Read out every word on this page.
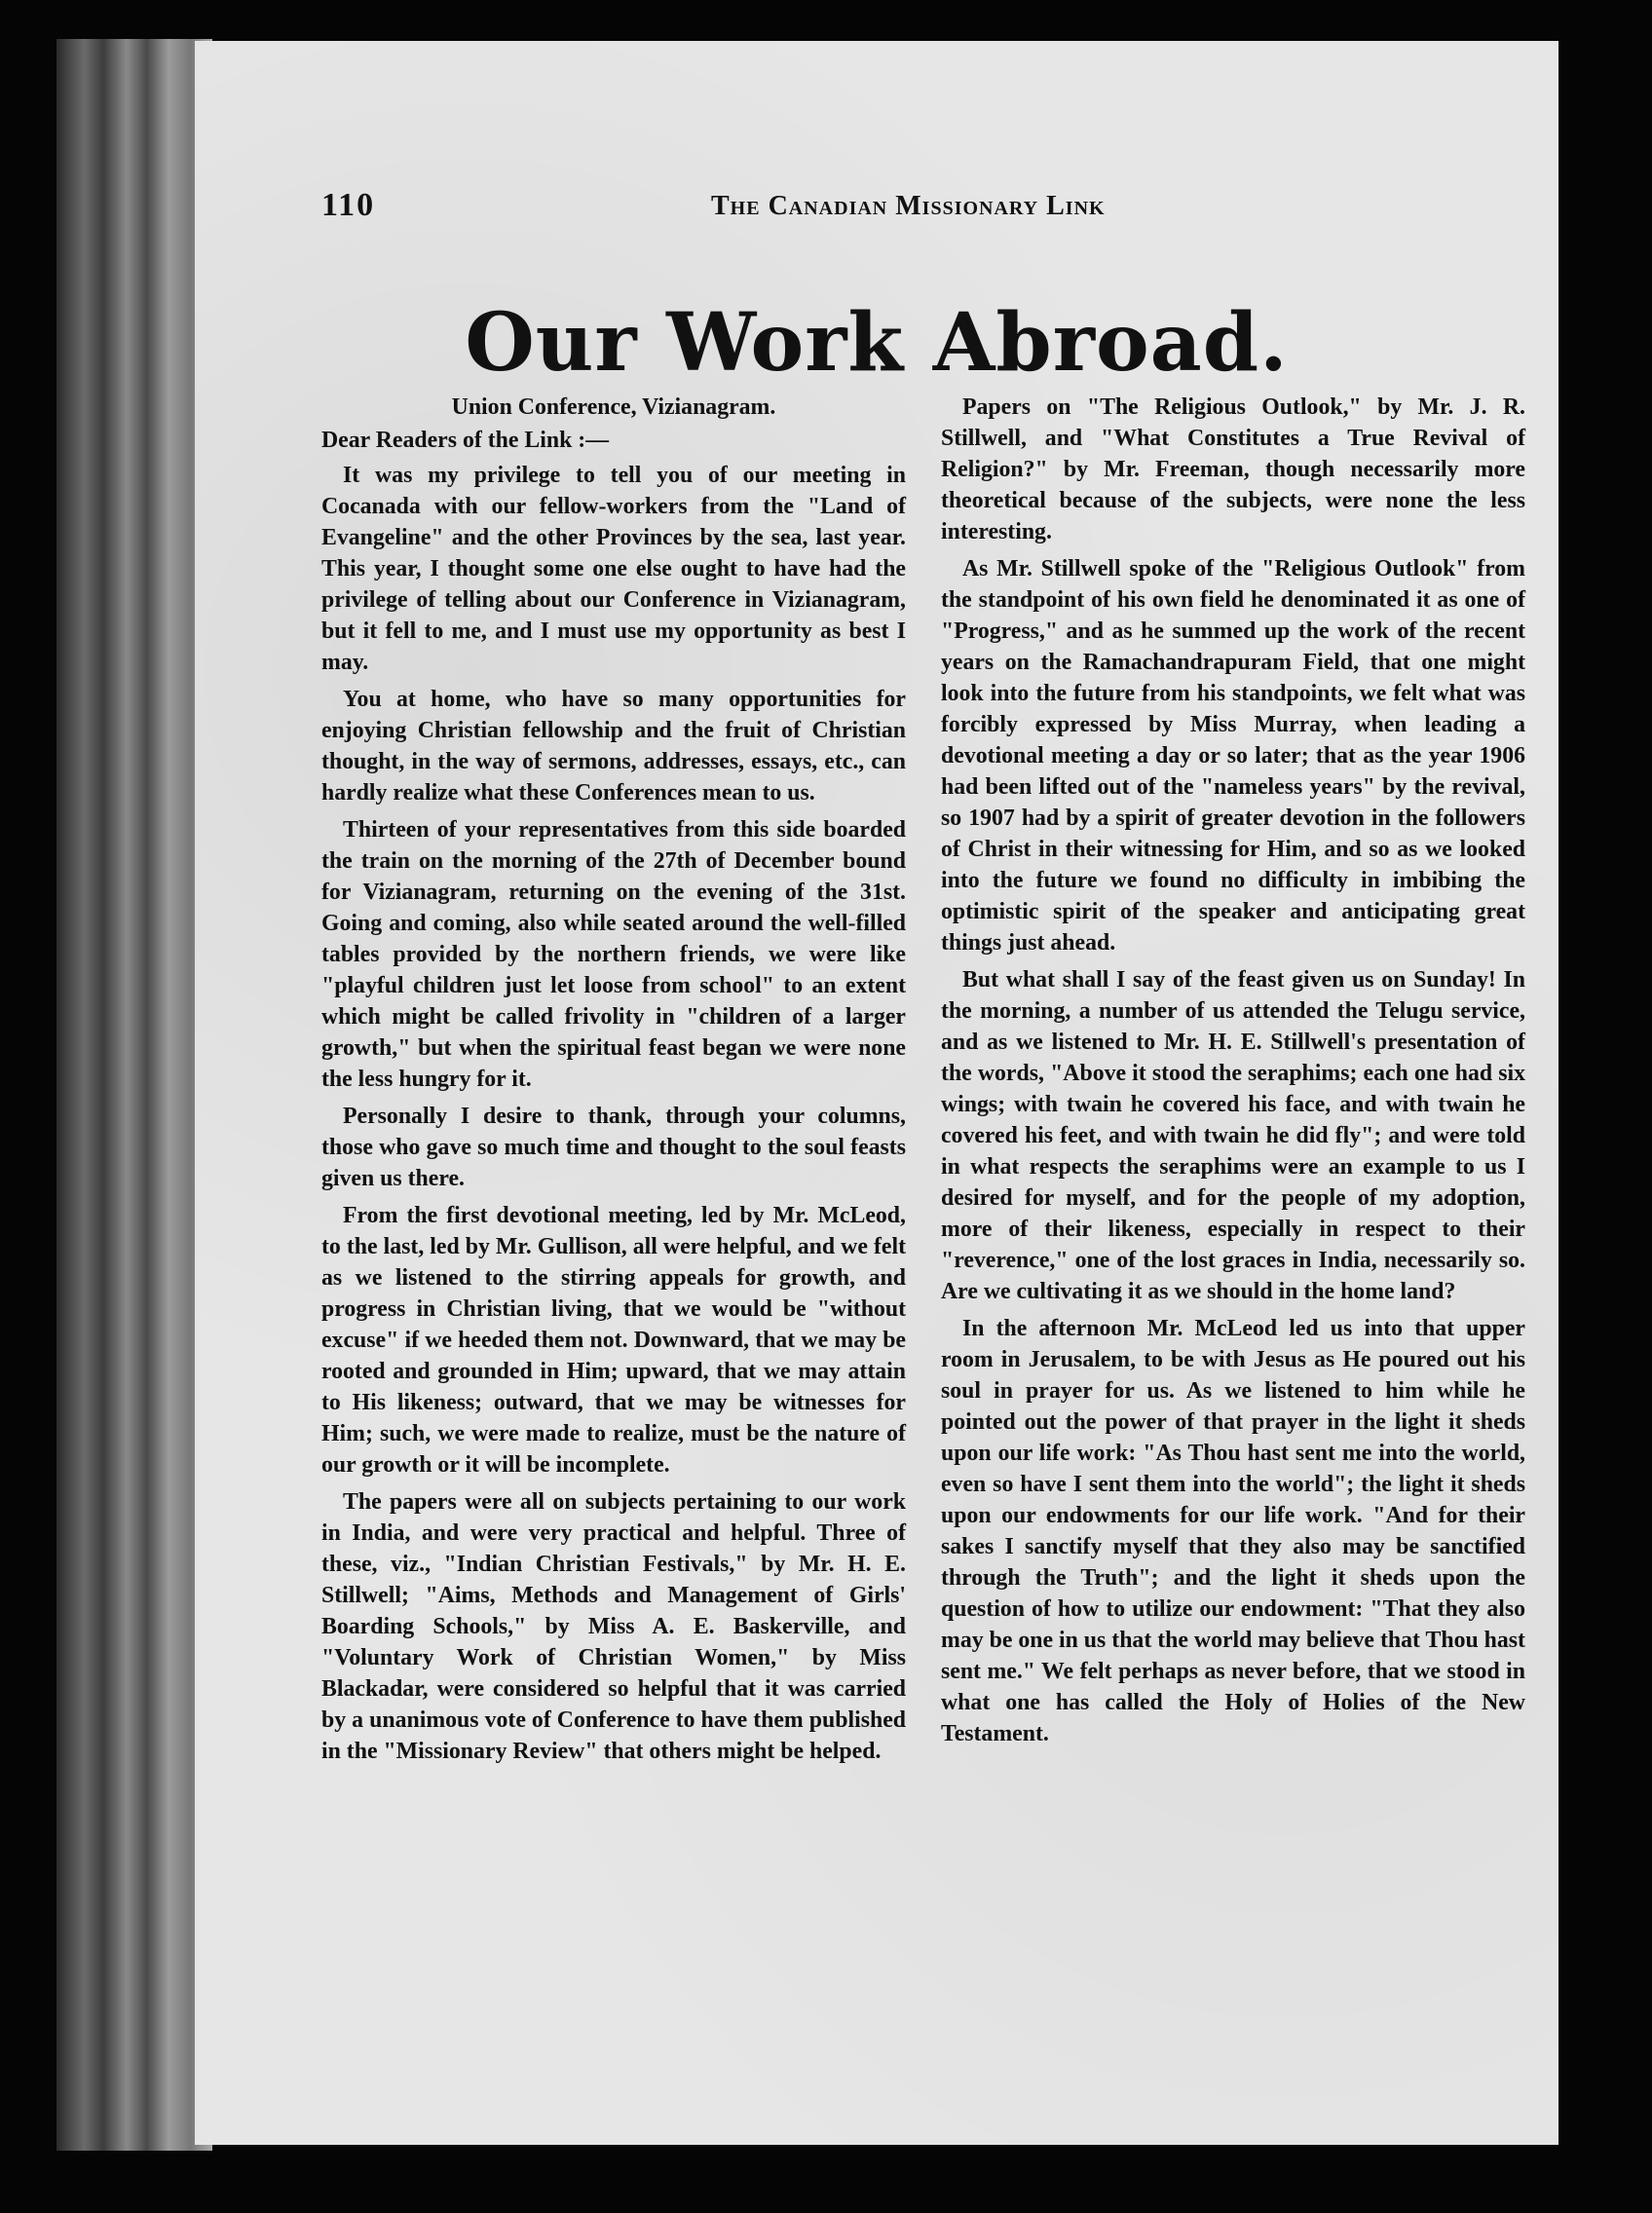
110	The Canadian Missionary Link
Our Work Abroad.

Union Conference, Vizianagram.

Dear Readers of the Link :—

It was my privilege to tell you of our meeting in Cocanada with our fellow-workers from the "Land of Evangeline" and the other Provinces by the sea, last year. This year, I thought some one else ought to have had the privilege of telling about our Conference in Vizianagram, but it fell to me, and I must use my opportunity as best I may.

You at home, who have so many opportunities for enjoying Christian fellowship and the fruit of Christian thought, in the way of sermons, addresses, essays, etc., can hardly realize what these Conferences mean to us.

Thirteen of your representatives from this side boarded the train on the morning of the 27th of December bound for Vizianagram, returning on the evening of the 31st. Going and coming, also while seated around the well-filled tables provided by the northern friends, we were like "playful children just let loose from school" to an extent which might be called frivolity in "children of a larger growth," but when the spiritual feast began we were none the less hungry for it.

Personally I desire to thank, through your columns, those who gave so much time and thought to the soul feasts given us there.

From the first devotional meeting, led by Mr. McLeod, to the last, led by Mr. Gullison, all were helpful, and we felt as we listened to the stirring appeals for growth, and progress in Christian living, that we would be "without excuse" if we heeded them not. Downward, that we may be rooted and grounded in Him; upward, that we may attain to His likeness; outward, that we may be witnesses for Him; such, we were made to realize, must be the nature of our growth or it will be incomplete.

The papers were all on subjects pertaining to our work in India, and were very practical and helpful. Three of these, viz., "Indian Christian Festivals," by Mr. H. E. Stillwell; "Aims, Methods and Management of Girls' Boarding Schools," by Miss A. E. Baskerville, and "Voluntary Work of Christian Women," by Miss Blackadar, were considered so helpful that it was carried by a unanimous vote of Conference to have them published in the "Missionary Review" that others might be helped.

Papers on "The Religious Outlook," by Mr. J. R. Stillwell, and "What Constitutes a True Revival of Religion?" by Mr. Freeman, though necessarily more theoretical because of the subjects, were none the less interesting.

As Mr. Stillwell spoke of the "Religious Outlook" from the standpoint of his own field he denominated it as one of "Progress," and as he summed up the work of the recent years on the Ramachandrapuram Field, that one might look into the future from his standpoints, we felt what was forcibly expressed by Miss Murray, when leading a devotional meeting a day or so later; that as the year 1906 had been lifted out of the "nameless years" by the revival, so 1907 had by a spirit of greater devotion in the followers of Christ in their witnessing for Him, and so as we looked into the future we found no difficulty in imbibing the optimistic spirit of the speaker and anticipating great things just ahead.

But what shall I say of the feast given us on Sunday! In the morning, a number of us attended the Telugu service, and as we listened to Mr. H. E. Stillwell's presentation of the words, "Above it stood the seraphims; each one had six wings; with twain he covered his face, and with twain he covered his feet, and with twain he did fly"; and were told in what respects the seraphims were an example to us I desired for myself, and for the people of my adoption, more of their likeness, especially in respect to their "reverence," one of the lost graces in India, necessarily so. Are we cultivating it as we should in the home land?

In the afternoon Mr. McLeod led us into that upper room in Jerusalem, to be with Jesus as He poured out his soul in prayer for us. As we listened to him while he pointed out the power of that prayer in the light it sheds upon our life work: "As Thou hast sent me into the world, even so have I sent them into the world"; the light it sheds upon our endowments for our life work. "And for their sakes I sanctify myself that they also may be sanctified through the Truth"; and the light it sheds upon the question of how to utilize our endowment: "That they also may be one in us that the world may believe that Thou hast sent me." We felt perhaps as never before, that we stood in what one has called the Holy of Holies of the New Testament.
